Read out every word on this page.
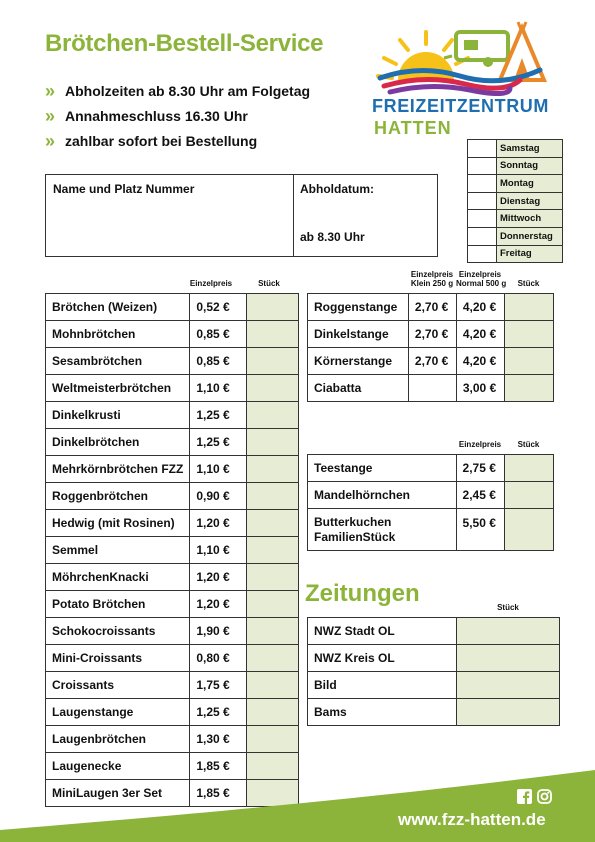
Brötchen-Bestell-Service
» Abholzeiten ab 8.30 Uhr am Folgetag
» Annahmeschluss 16.30 Uhr
» zahlbar sofort bei Bestellung
FREIZEITZENTRUM
HATTEN
	Samstag
	Sonntag
	Montag
	Dienstag
	Mittwoch
	Donnerstag
	Freitag
Name und Platz Nummer	Abholdatum:
ab 8.30 Uhr
Einzelpreis	Stück
Brötchen (Weizen)	0,52 €	
Mohnbrötchen	0,85 €	
Sesambrötchen	0,85 €	
Weltmeisterbrötchen	1,10 €	
Dinkelkrusti	1,25 €	
Dinkelbrötchen	1,25 €	
Mehrkörnbrötchen FZZ	1,10 €	
Roggenbrötchen	0,90 €	
Hedwig (mit Rosinen)	1,20 €	
Semmel	1,10 €	
MöhrchenKnacki	1,20 €	
Potato Brötchen	1,20 €	
Schokocroissants	1,90 €	
Mini-Croissants	0,80 €	
Croissants	1,75 €	
Laugenstange	1,25 €	
Laugenbrötchen	1,30 €	
Laugenecke	1,85 €	
MiniLaugen 3er Set	1,85 €	
Einzelpreis
Klein 250 g
Einzelpreis
Normal 500 g	Stück
Roggenstange	2,70 €	4,20 €	
Dinkelstange	2,70 €	4,20 €	
Körnerstange	2,70 €	4,20 €	
Ciabatta		3,00 €	
Einzelpreis	Stück
Teestange	2,75 €	
Mandelhörnchen	2,45 €	
Butterkuchen
FamilienStück	5,50 €	
Zeitungen
Stück
NWZ Stadt OL	
NWZ Kreis OL	
Bild	
Bams	
www.fzz-hatten.de
